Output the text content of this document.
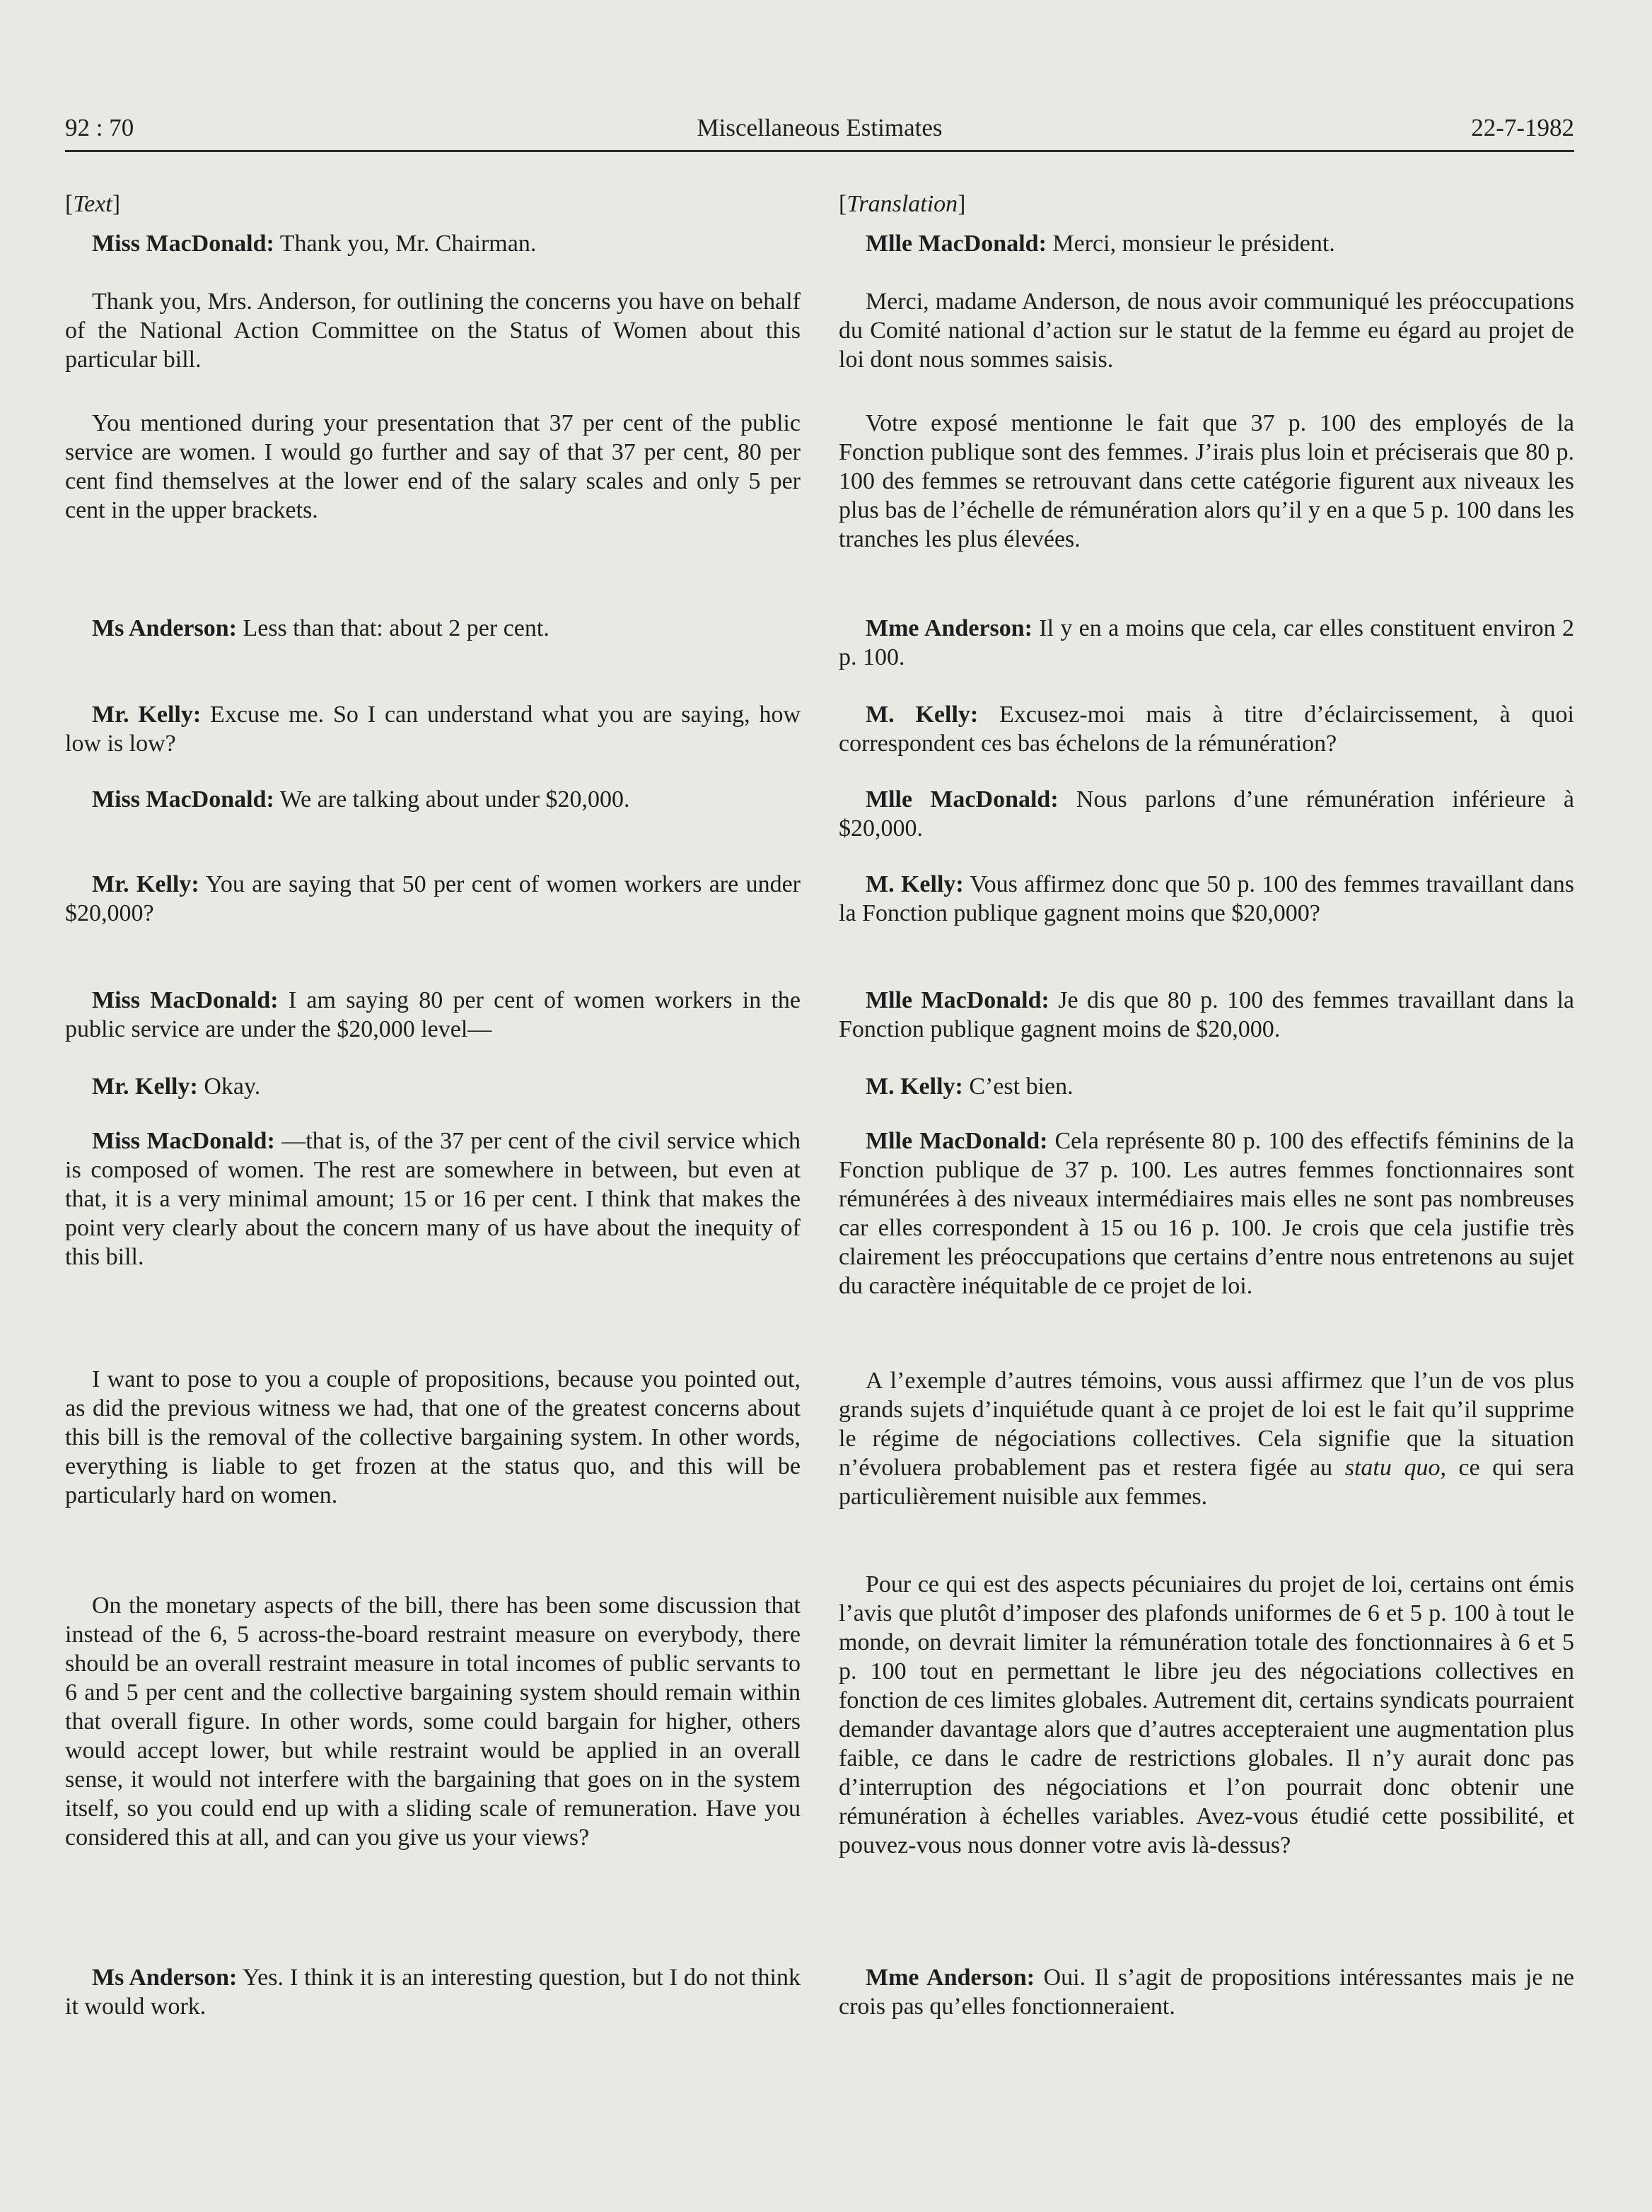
92 : 70	Miscellaneous Estimates	22-7-1982
[Text]

Miss MacDonald: Thank you, Mr. Chairman.

Thank you, Mrs. Anderson, for outlining the concerns you have on behalf of the National Action Committee on the Status of Women about this particular bill.

You mentioned during your presentation that 37 per cent of the public service are women. I would go further and say of that 37 per cent, 80 per cent find themselves at the lower end of the salary scales and only 5 per cent in the upper brackets.

Ms Anderson: Less than that: about 2 per cent.

Mr. Kelly: Excuse me. So I can understand what you are saying, how low is low?

Miss MacDonald: We are talking about under $20,000.

Mr. Kelly: You are saying that 50 per cent of women workers are under $20,000?

Miss MacDonald: I am saying 80 per cent of women workers in the public service are under the $20,000 level—

Mr. Kelly: Okay.

Miss MacDonald: —that is, of the 37 per cent of the civil service which is composed of women. The rest are somewhere in between, but even at that, it is a very minimal amount; 15 or 16 per cent. I think that makes the point very clearly about the concern many of us have about the inequity of this bill.

I want to pose to you a couple of propositions, because you pointed out, as did the previous witness we had, that one of the greatest concerns about this bill is the removal of the collective bargaining system. In other words, everything is liable to get frozen at the status quo, and this will be particularly hard on women.

On the monetary aspects of the bill, there has been some discussion that instead of the 6, 5 across-the-board restraint measure on everybody, there should be an overall restraint measure in total incomes of public servants to 6 and 5 per cent and the collective bargaining system should remain within that overall figure. In other words, some could bargain for higher, others would accept lower, but while restraint would be applied in an overall sense, it would not interfere with the bargaining that goes on in the system itself, so you could end up with a sliding scale of remuneration. Have you considered this at all, and can you give us your views?

Ms Anderson: Yes. I think it is an interesting question, but I do not think it would work.

[Translation]

Mlle MacDonald: Merci, monsieur le président.

Merci, madame Anderson, de nous avoir communiqué les préoccupations du Comité national d’action sur le statut de la femme eu égard au projet de loi dont nous sommes saisis.

Votre exposé mentionne le fait que 37 p. 100 des employés de la Fonction publique sont des femmes. J’irais plus loin et préciserais que 80 p. 100 des femmes se retrouvant dans cette catégorie figurent aux niveaux les plus bas de l’échelle de rémunération alors qu’il y en a que 5 p. 100 dans les tranches les plus élevées.

Mme Anderson: Il y en a moins que cela, car elles constituent environ 2 p. 100.

M. Kelly: Excusez-moi mais à titre d’éclaircissement, à quoi correspondent ces bas échelons de la rémunération?

Mlle MacDonald: Nous parlons d’une rémunération inférieure à $20,000.

M. Kelly: Vous affirmez donc que 50 p. 100 des femmes travaillant dans la Fonction publique gagnent moins que $20,000?

Mlle MacDonald: Je dis que 80 p. 100 des femmes travaillant dans la Fonction publique gagnent moins de $20,000.

M. Kelly: C’est bien.

Mlle MacDonald: Cela représente 80 p. 100 des effectifs féminins de la Fonction publique de 37 p. 100. Les autres femmes fonctionnaires sont rémunérées à des niveaux intermédiaires mais elles ne sont pas nombreuses car elles correspondent à 15 ou 16 p. 100. Je crois que cela justifie très clairement les préoccupations que certains d’entre nous entretenons au sujet du caractère inéquitable de ce projet de loi.

A l’exemple d’autres témoins, vous aussi affirmez que l’un de vos plus grands sujets d’inquiétude quant à ce projet de loi est le fait qu’il supprime le régime de négociations collectives. Cela signifie que la situation n’évoluera probablement pas et restera figée au statu quo, ce qui sera particulièrement nuisible aux femmes.

Pour ce qui est des aspects pécuniaires du projet de loi, certains ont émis l’avis que plutôt d’imposer des plafonds uniformes de 6 et 5 p. 100 à tout le monde, on devrait limiter la rémunération totale des fonctionnaires à 6 et 5 p. 100 tout en permettant le libre jeu des négociations collectives en fonction de ces limites globales. Autrement dit, certains syndicats pourraient demander davantage alors que d’autres accepteraient une augmentation plus faible, ce dans le cadre de restrictions globales. Il n’y aurait donc pas d’interruption des négociations et l’on pourrait donc obtenir une rémunération à échelles variables. Avez-vous étudié cette possibilité, et pouvez-vous nous donner votre avis là-dessus?

Mme Anderson: Oui. Il s’agit de propositions intéressantes mais je ne crois pas qu’elles fonctionneraient.
